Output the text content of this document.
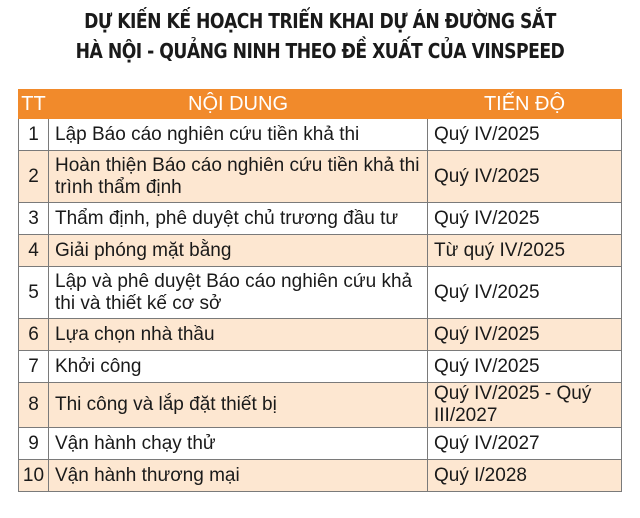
DỰ KIẾN KẾ HOẠCH TRIỂN KHAI DỰ ÁN ĐƯỜNG SẮT
HÀ NỘI - QUẢNG NINH THEO ĐỀ XUẤT CỦA VINSPEED
TT	NỘI DUNG	TIẾN ĐỘ
1	Lập Báo cáo nghiên cứu tiền khả thi	Quý IV/2025
2	Hoàn thiện Báo cáo nghiên cứu tiền khả thi trình thẩm định	Quý IV/2025
3	Thẩm định, phê duyệt chủ trương đầu tư	Quý IV/2025
4	Giải phóng mặt bằng	Từ quý IV/2025
5	Lập và phê duyệt Báo cáo nghiên cứu khả thi và thiết kế cơ sở	Quý IV/2025
6	Lựa chọn nhà thầu	Quý IV/2025
7	Khởi công	Quý IV/2025
8	Thi công và lắp đặt thiết bị	Quý IV/2025 - Quý III/2027
9	Vận hành chạy thử	Quý IV/2027
10	Vận hành thương mại	Quý I/2028
